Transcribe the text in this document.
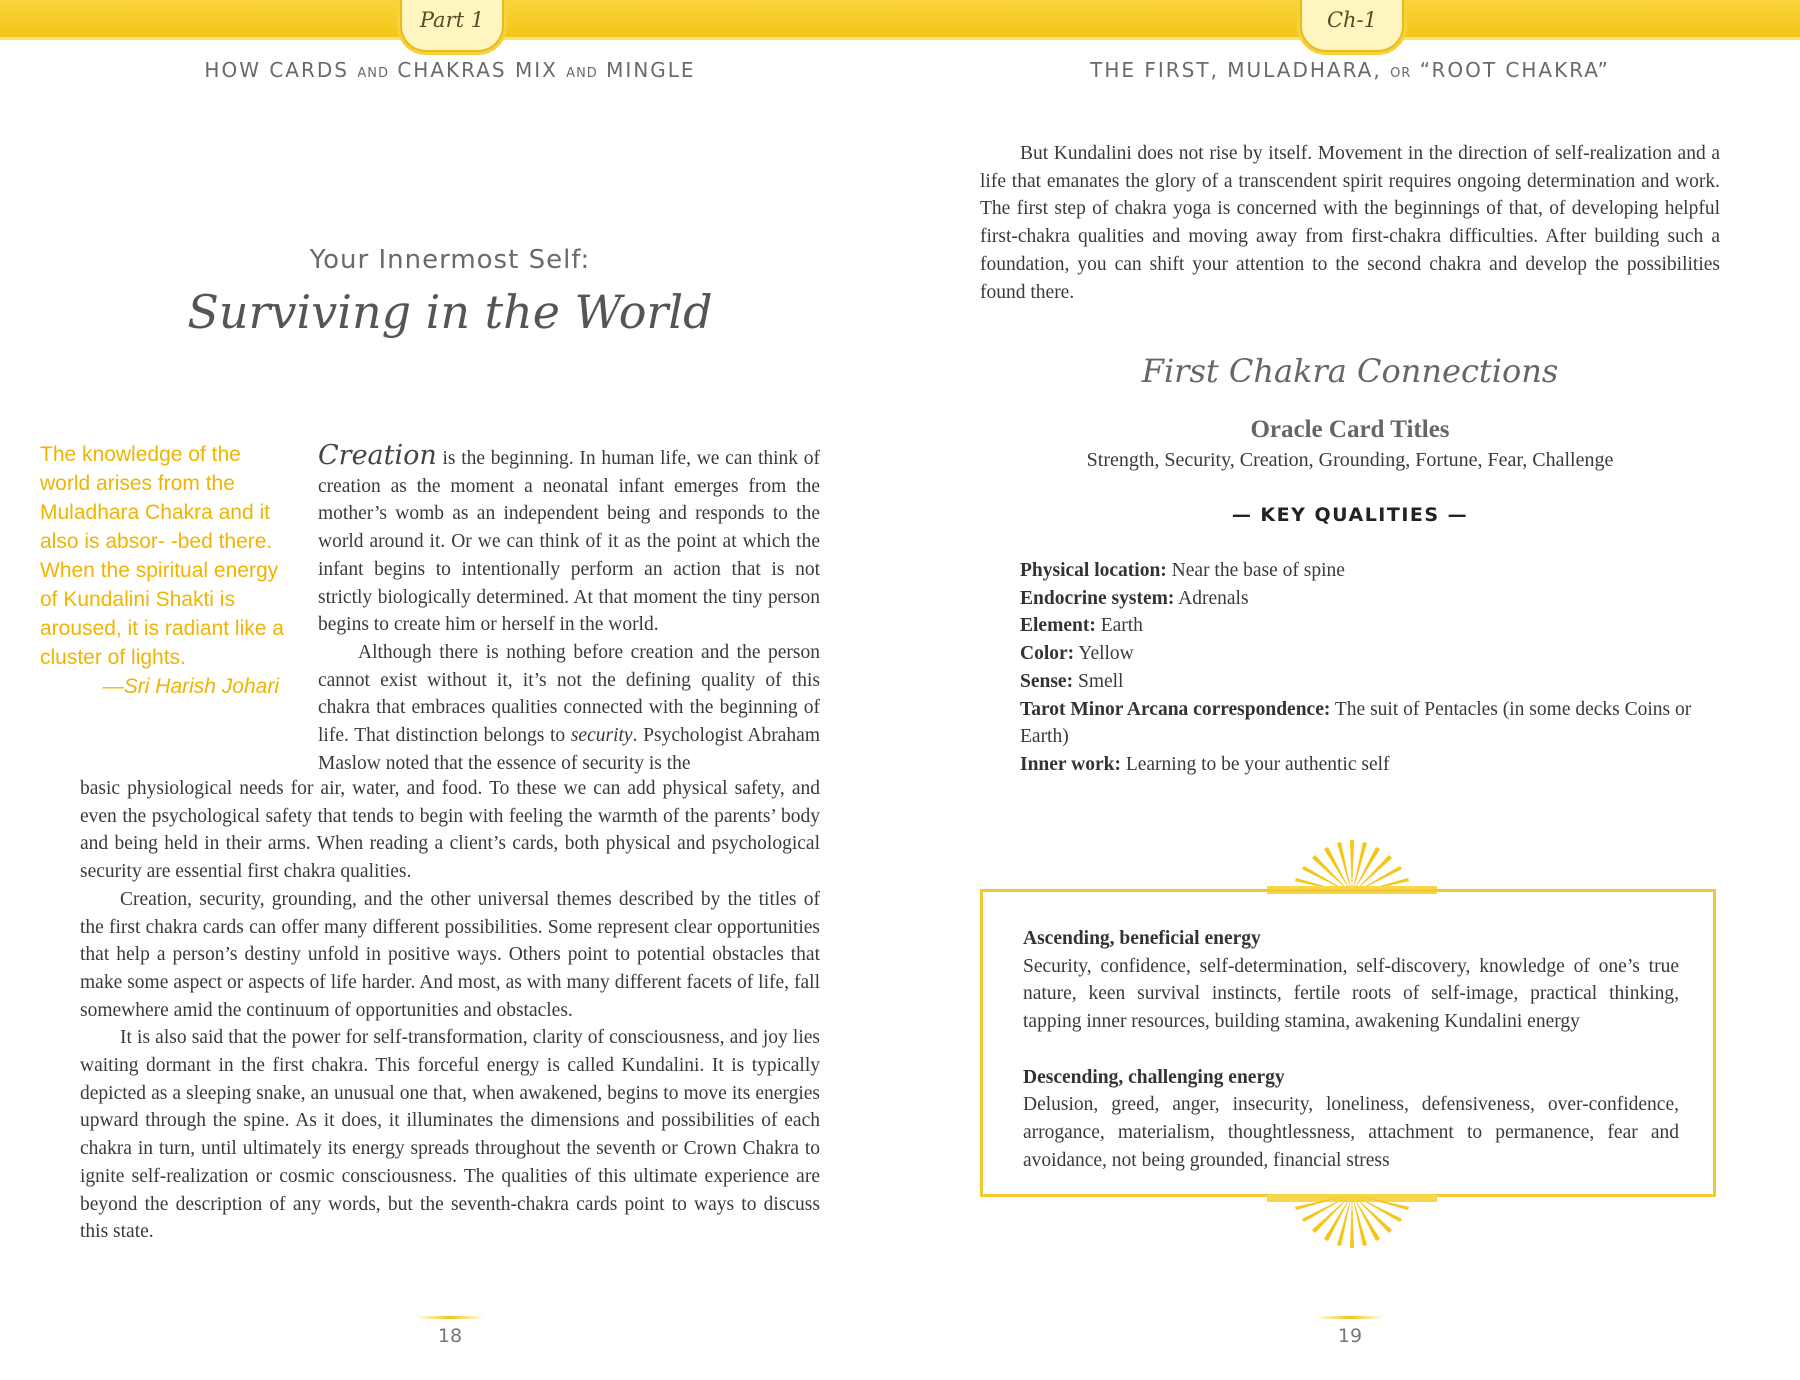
Part 1
HOW CARDS AND CHAKRAS MIX AND MINGLE
Your Innermost Self:
Surviving in the World
The knowledge of the world arises from the Muladhara Chakra and it also is absor- -bed there. When the spiritual energy of Kundalini Shakti is aroused, it is radiant like a cluster of lights.
—Sri Harish Johari

Creation is the beginning. In human life, we can think of creation as the moment a neonatal infant emerges from the mother’s womb as an independent being and responds to the world around it. Or we can think of it as the point at which the infant begins to intentionally perform an action that is not strictly biologically determined. At that moment the tiny person begins to create him or herself in the world.

Although there is nothing before creation and the person cannot exist without it, it’s not the defining quality of this chakra that embraces qualities connected with the beginning of life. That distinction belongs to security. Psychologist Abraham Maslow noted that the essence of security is the

basic physiological needs for air, water, and food. To these we can add physical safety, and even the psychological safety that tends to begin with feeling the warmth of the parents’ body and being held in their arms. When reading a client’s cards, both physical and psychological security are essential first chakra qualities.

Creation, security, grounding, and the other universal themes described by the titles of the first chakra cards can offer many different possibilities. Some represent clear opportunities that help a person’s destiny unfold in positive ways. Others point to potential obstacles that make some aspect or aspects of life harder. And most, as with many different facets of life, fall somewhere amid the continuum of opportunities and obstacles.

It is also said that the power for self-transformation, clarity of consciousness, and joy lies waiting dormant in the first chakra. This forceful energy is called Kundalini. It is typically depicted as a sleeping snake, an unusual one that, when awakened, begins to move its energies upward through the spine. As it does, it illuminates the dimensions and possibilities of each chakra in turn, until ultimately its energy spreads throughout the seventh or Crown Chakra to ignite self-realization or cosmic consciousness. The qualities of this ultimate experience are beyond the description of any words, but the seventh-chakra cards point to ways to discuss this state.

18
Ch-1
THE FIRST, MULADHARA, OR “ROOT CHAKRA”

But Kundalini does not rise by itself. Movement in the direction of self-realization and a life that emanates the glory of a transcendent spirit requires ongoing determination and work. The first step of chakra yoga is concerned with the beginnings of that, of developing helpful first-chakra qualities and moving away from first-chakra difficulties. After building such a foundation, you can shift your attention to the second chakra and develop the possibilities found there.

First Chakra Connections
Oracle Card Titles
Strength, Security, Creation, Grounding, Fortune, Fear, Challenge
— KEY QUALITIES —
Physical location: Near the base of spine
Endocrine system: Adrenals
Element: Earth
Color: Yellow
Sense: Smell
Tarot Minor Arcana correspondence: The suit of Pentacles (in some decks Coins or Earth)
Inner work: Learning to be your authentic self

Ascending, beneficial energy

Security, confidence, self-determination, self-discovery, knowledge of one’s true nature, keen survival instincts, fertile roots of self-image, practical thinking, tapping inner resources, building stamina, awakening Kundalini energy

Descending, challenging energy

Delusion, greed, anger, insecurity, loneliness, defensiveness, over-confidence, arrogance, materialism, thoughtlessness, attachment to permanence, fear and avoidance, not being grounded, financial stress

19
